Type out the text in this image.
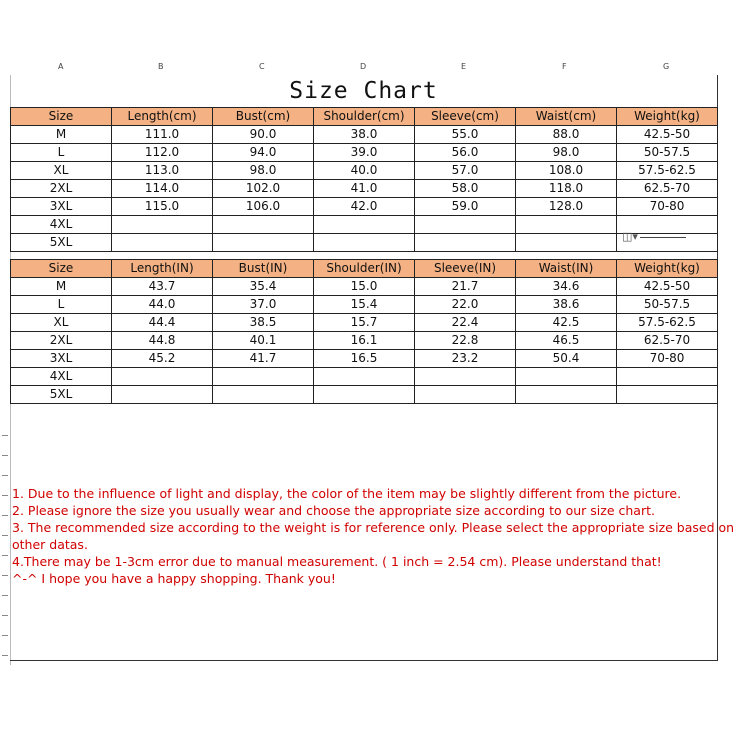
A	B	C	D	E	F	G
Size Chart
Size	Length(cm)	Bust(cm)	Shoulder(cm)	Sleeve(cm)	Waist(cm)	Weight(kg)
M	111.0	90.0	38.0	55.0	88.0	42.5-50
L	112.0	94.0	39.0	56.0	98.0	50-57.5
XL	113.0	98.0	40.0	57.0	108.0	57.5-62.5
2XL	114.0	102.0	41.0	58.0	118.0	62.5-70
3XL	115.0	106.0	42.0	59.0	128.0	70-80
4XL						
5XL						
Size	Length(IN)	Bust(IN)	Shoulder(IN)	Sleeve(IN)	Waist(IN)	Weight(kg)
M	43.7	35.4	15.0	21.7	34.6	42.5-50
L	44.0	37.0	15.4	22.0	38.6	50-57.5
XL	44.4	38.5	15.7	22.4	42.5	57.5-62.5
2XL	44.8	40.1	16.1	22.8	46.5	62.5-70
3XL	45.2	41.7	16.5	23.2	50.4	70-80
4XL						
5XL						
◫▾
1. Due to the influence of light and display, the color of the item may be slightly different from the picture.
2. Please ignore the size you usually wear and choose the appropriate size according to our size chart.
3. The recommended size according to the weight is for reference only. Please select the appropriate size based on
other datas.
4.There may be 1-3cm error due to manual measurement. ( 1 inch = 2.54 cm). Please understand that!
^-^ I hope you have a happy shopping. Thank you!
